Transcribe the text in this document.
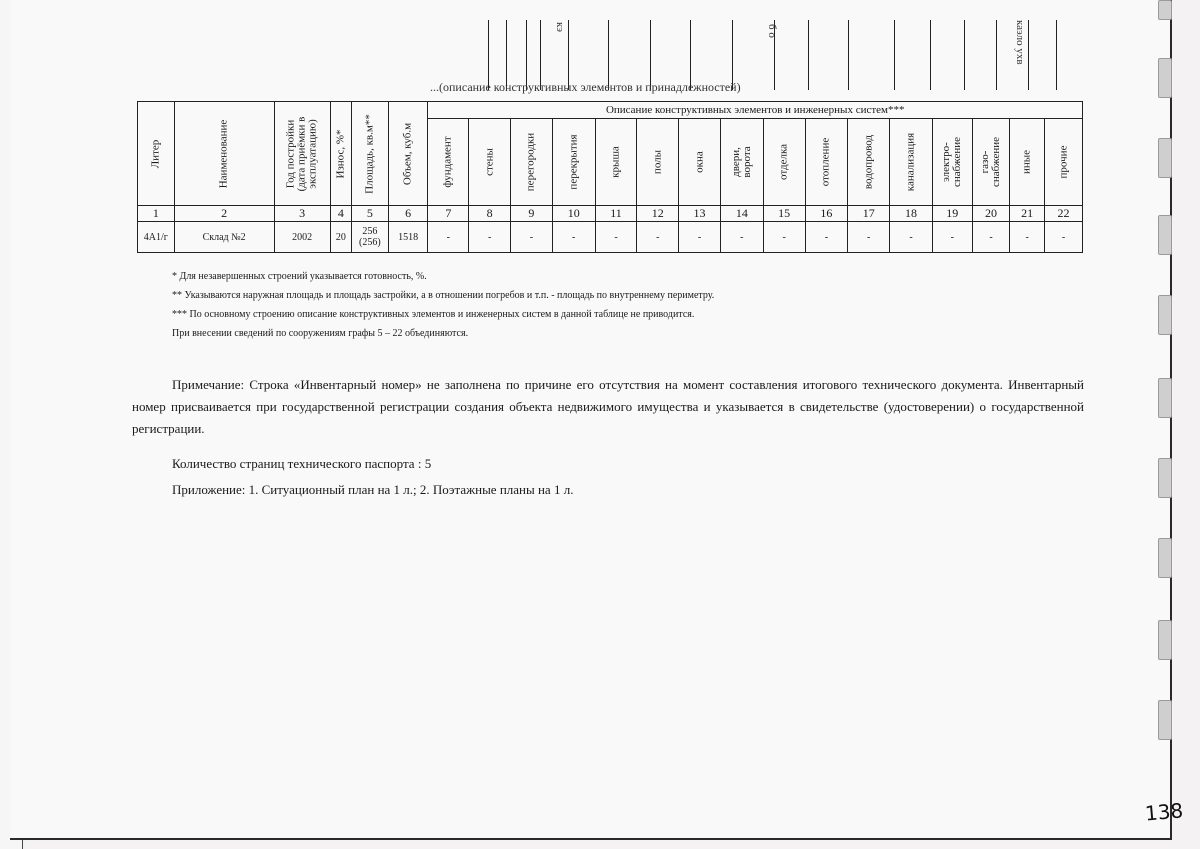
кэ	б о	каэло ухв
...(описание конструктивных элементов и принадлежностей)
Литер	Наименование	Год постройки (дата приёмки в эксплуатацию)	Износ, %*	Площадь, кв.м**	Объем, куб.м	Описание конструктивных элементов и инженерных систем***															

						фундамент	стены	перегородки	перекрытия	крыша	полы	окна	двери, ворота	отделка	отопление	водопровод	канализация	электро-снабжение	газо-снабжение	иные	прочие

1	2	3	4	5	6	7	8	9	10	11	12	13	14	15	16	17	18	19	20	21	22
4А1/г	Склад №2	2002	20	256 (256)	1518	-	-	-	-	-	-	-	-	-	-	-	-	-	-	-	-
* Для незавершенных строений указывается готовность, %.
** Указываются наружная площадь и площадь застройки, а в отношении погребов и т.п. - площадь по внутреннему периметру.
*** По основному строению описание конструктивных элементов и инженерных систем в данной таблице не приводится.
При внесении сведений по сооружениям графы 5 – 22 объединяются.
Примечание: Строка «Инвентарный номер» не заполнена по причине его отсутствия на момент составления итогового технического документа. Инвентарный номер присваивается при государственной регистрации создания объекта недвижимого имущества и указывается в свидетельстве (удостоверении) о государственной регистрации.
Количество страниц технического паспорта : 5
Приложение: 1. Ситуационный план на 1 л.; 2. Поэтажные планы на 1 л.
138
